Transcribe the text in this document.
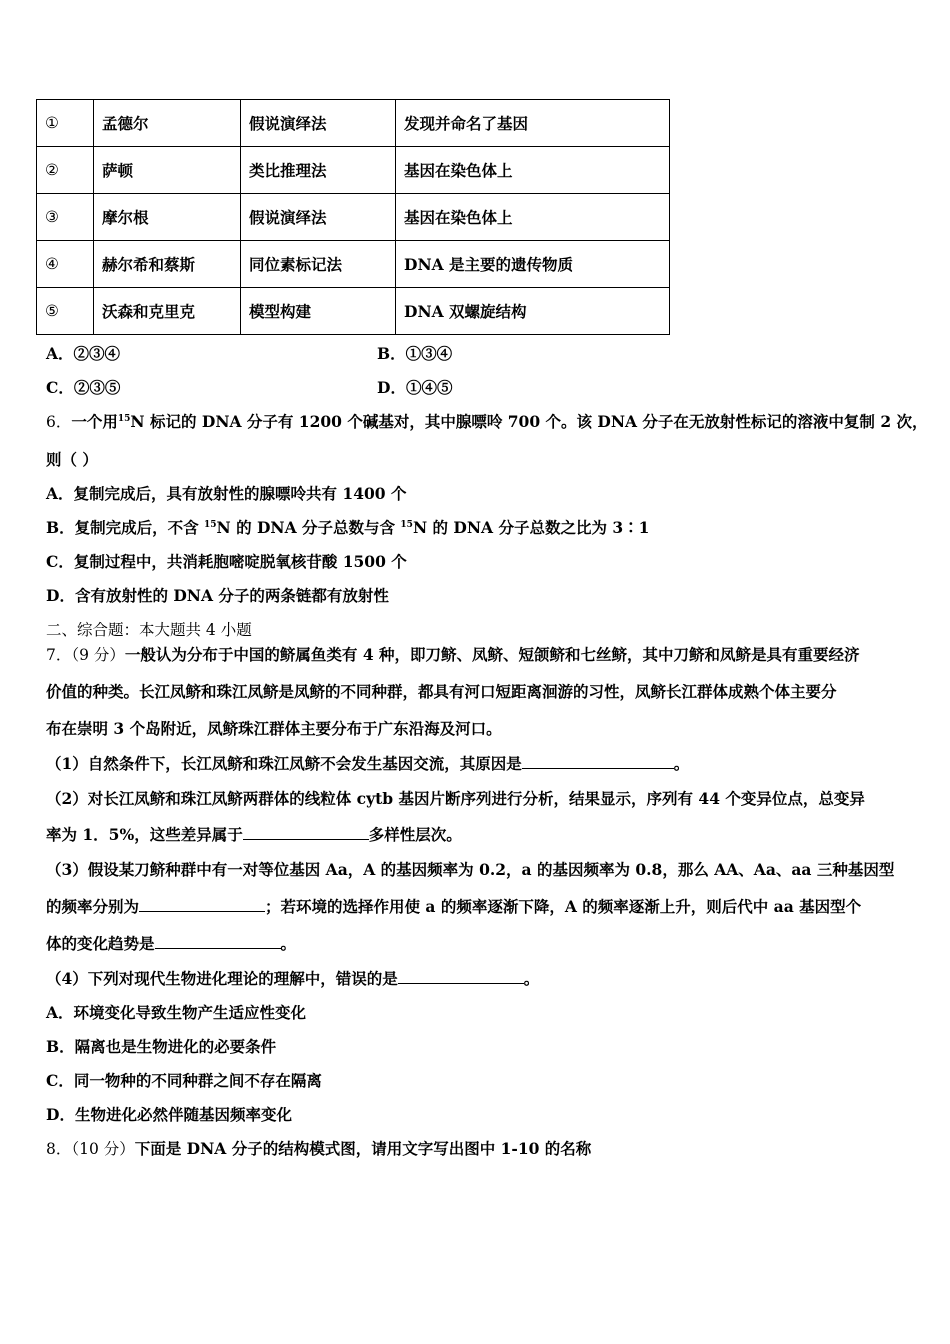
①	孟德尔	假说演绎法	发现并命名了基因
②	萨顿	类比推理法	基因在染色体上
③	摩尔根	假说演绎法	基因在染色体上
④	赫尔希和蔡斯	同位素标记法	DNA 是主要的遗传物质
⑤	沃森和克里克	模型构建	DNA 双螺旋结构
A．②③④	B．①③④
C．②③⑤	D．①④⑤
6．一个用$^{15}$N 标记的 DNA 分子有 1200 个碱基对，其中腺嘌呤 700 个。该 DNA 分子在无放射性标记的溶液中复制 2 次，
则（ ）
A．复制完成后，具有放射性的腺嘌呤共有 1400 个
B．复制完成后，不含 $^{15}$N 的 DNA 分子总数与含 $^{15}$N 的 DNA 分子总数之比为 3∶1
C．复制过程中，共消耗胞嘧啶脱氧核苷酸 1500 个
D．含有放射性的 DNA 分子的两条链都有放射性
二、综合题：本大题共 4 小题
7．（9 分）一般认为分布于中国的鲚属鱼类有 4 种，即刀鲚、凤鲚、短颌鲚和七丝鲚，其中刀鲚和凤鲚是具有重要经济
价值的种类。长江凤鲚和珠江凤鲚是凤鲚的不同种群，都具有河口短距离洄游的习性，凤鲚长江群体成熟个体主要分
布在崇明 3 个岛附近，凤鲚珠江群体主要分布于广东沿海及河口。
（1）自然条件下，长江凤鲚和珠江凤鲚不会发生基因交流，其原因是	。
（2）对长江凤鲚和珠江凤鲚两群体的线粒体 cytb 基因片断序列进行分析，结果显示，序列有 44 个变异位点，总变异
率为 1．5%，这些差异属于	多样性层次。
（3）假设某刀鲚种群中有一对等位基因 Aa，A 的基因频率为 0.2，a 的基因频率为 0.8，那么 AA、Aa、aa 三种基因型
的频率分别为	；若环境的选择作用使 a 的频率逐渐下降，A 的频率逐渐上升，则后代中 aa 基因型个
体的变化趋势是	。
（4）下列对现代生物进化理论的理解中，错误的是	。
A．环境变化导致生物产生适应性变化
B．隔离也是生物进化的必要条件
C．同一物种的不同种群之间不存在隔离
D．生物进化必然伴随基因频率变化
8．（10 分）下面是 DNA 分子的结构模式图，请用文字写出图中 1-10 的名称
